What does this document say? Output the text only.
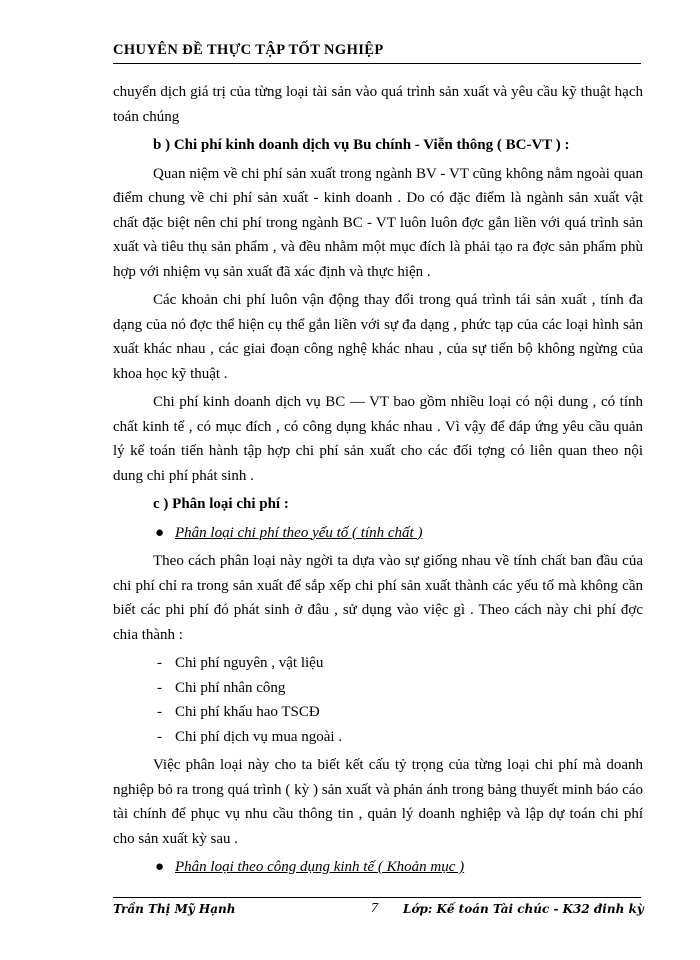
CHUYÊN ĐỀ THỰC TẬP TỐT NGHIỆP

chuyển dịch giá trị của từng loại tài sản vào quá trình sản xuất và yêu cầu kỹ thuật hạch toán chúng

b ) Chi phí kinh doanh dịch vụ Bu chính - Viễn thông ( BC-VT ) :

Quan niệm về chi phí sản xuất trong ngành BV - VT cũng không nằm ngoài quan điểm chung về chi phí sản xuất - kinh doanh . Do có đặc điểm là ngành sản xuất vật chất đặc biệt nên chi phí trong ngành BC - VT luôn luôn đợc gắn liền với quá trình sản xuất và tiêu thụ sản phẩm , và đều nhằm một mục đích là phải tạo ra đợc sản phẩm phù hợp với nhiệm vụ sản xuất đã xác định và thực hiện .

Các khoản chi phí luôn vận động thay đổi trong quá trình tái sản xuất , tính đa dạng của nó đợc thể hiện cụ thể gắn liền với sự đa dạng , phức tạp của các loại hình sản xuất khác nhau , các giai đoạn công nghệ khác nhau , của sự tiến bộ không ngừng của khoa học kỹ thuật .

Chi phí kinh doanh dịch vụ BC — VT bao gồm nhiều loại có nội dung , có tính chất kinh tế , có mục đích , có công dụng khác nhau . Vì vậy để đáp ứng yêu cầu quản lý kế toán tiến hành tập hợp chi phí sản xuất cho các đối tợng có liên quan theo nội dung chi phí phát sinh .

c ) Phân loại chi phí :

● Phân loại chi phí theo yếu tố ( tính chất )

Theo cách phân loại này ngời ta dựa vào sự giống nhau về tính chất ban đầu của chi phí chỉ ra trong sản xuất để sắp xếp chi phí sản xuất thành các yếu tố mà không cần biết các phi phí đó phát sinh ở đâu , sử dụng vào việc gì . Theo cách này chi phí đợc chia thành :

- Chi phí nguyên , vật liệu

- Chi phí nhân công

- Chi phí khấu hao TSCĐ

- Chi phí dịch vụ mua ngoài .

Việc phân loại này cho ta biết kết cấu tỷ trọng của từng loại chi phí mà doanh nghiệp bỏ ra trong quá trình ( kỳ ) sản xuất và phản ánh trong bảng thuyết minh báo cáo tài chính để phục vụ nhu cầu thông tin , quản lý doanh nghiệp và lập dự toán chi phí cho sản xuất kỳ sau .

● Phân loại theo công dụng kinh tế ( Khoản mục )

Trần Thị Mỹ Hạnh	7 Lớp: Kế toán Tài chúc - K32 đinh kỳ
